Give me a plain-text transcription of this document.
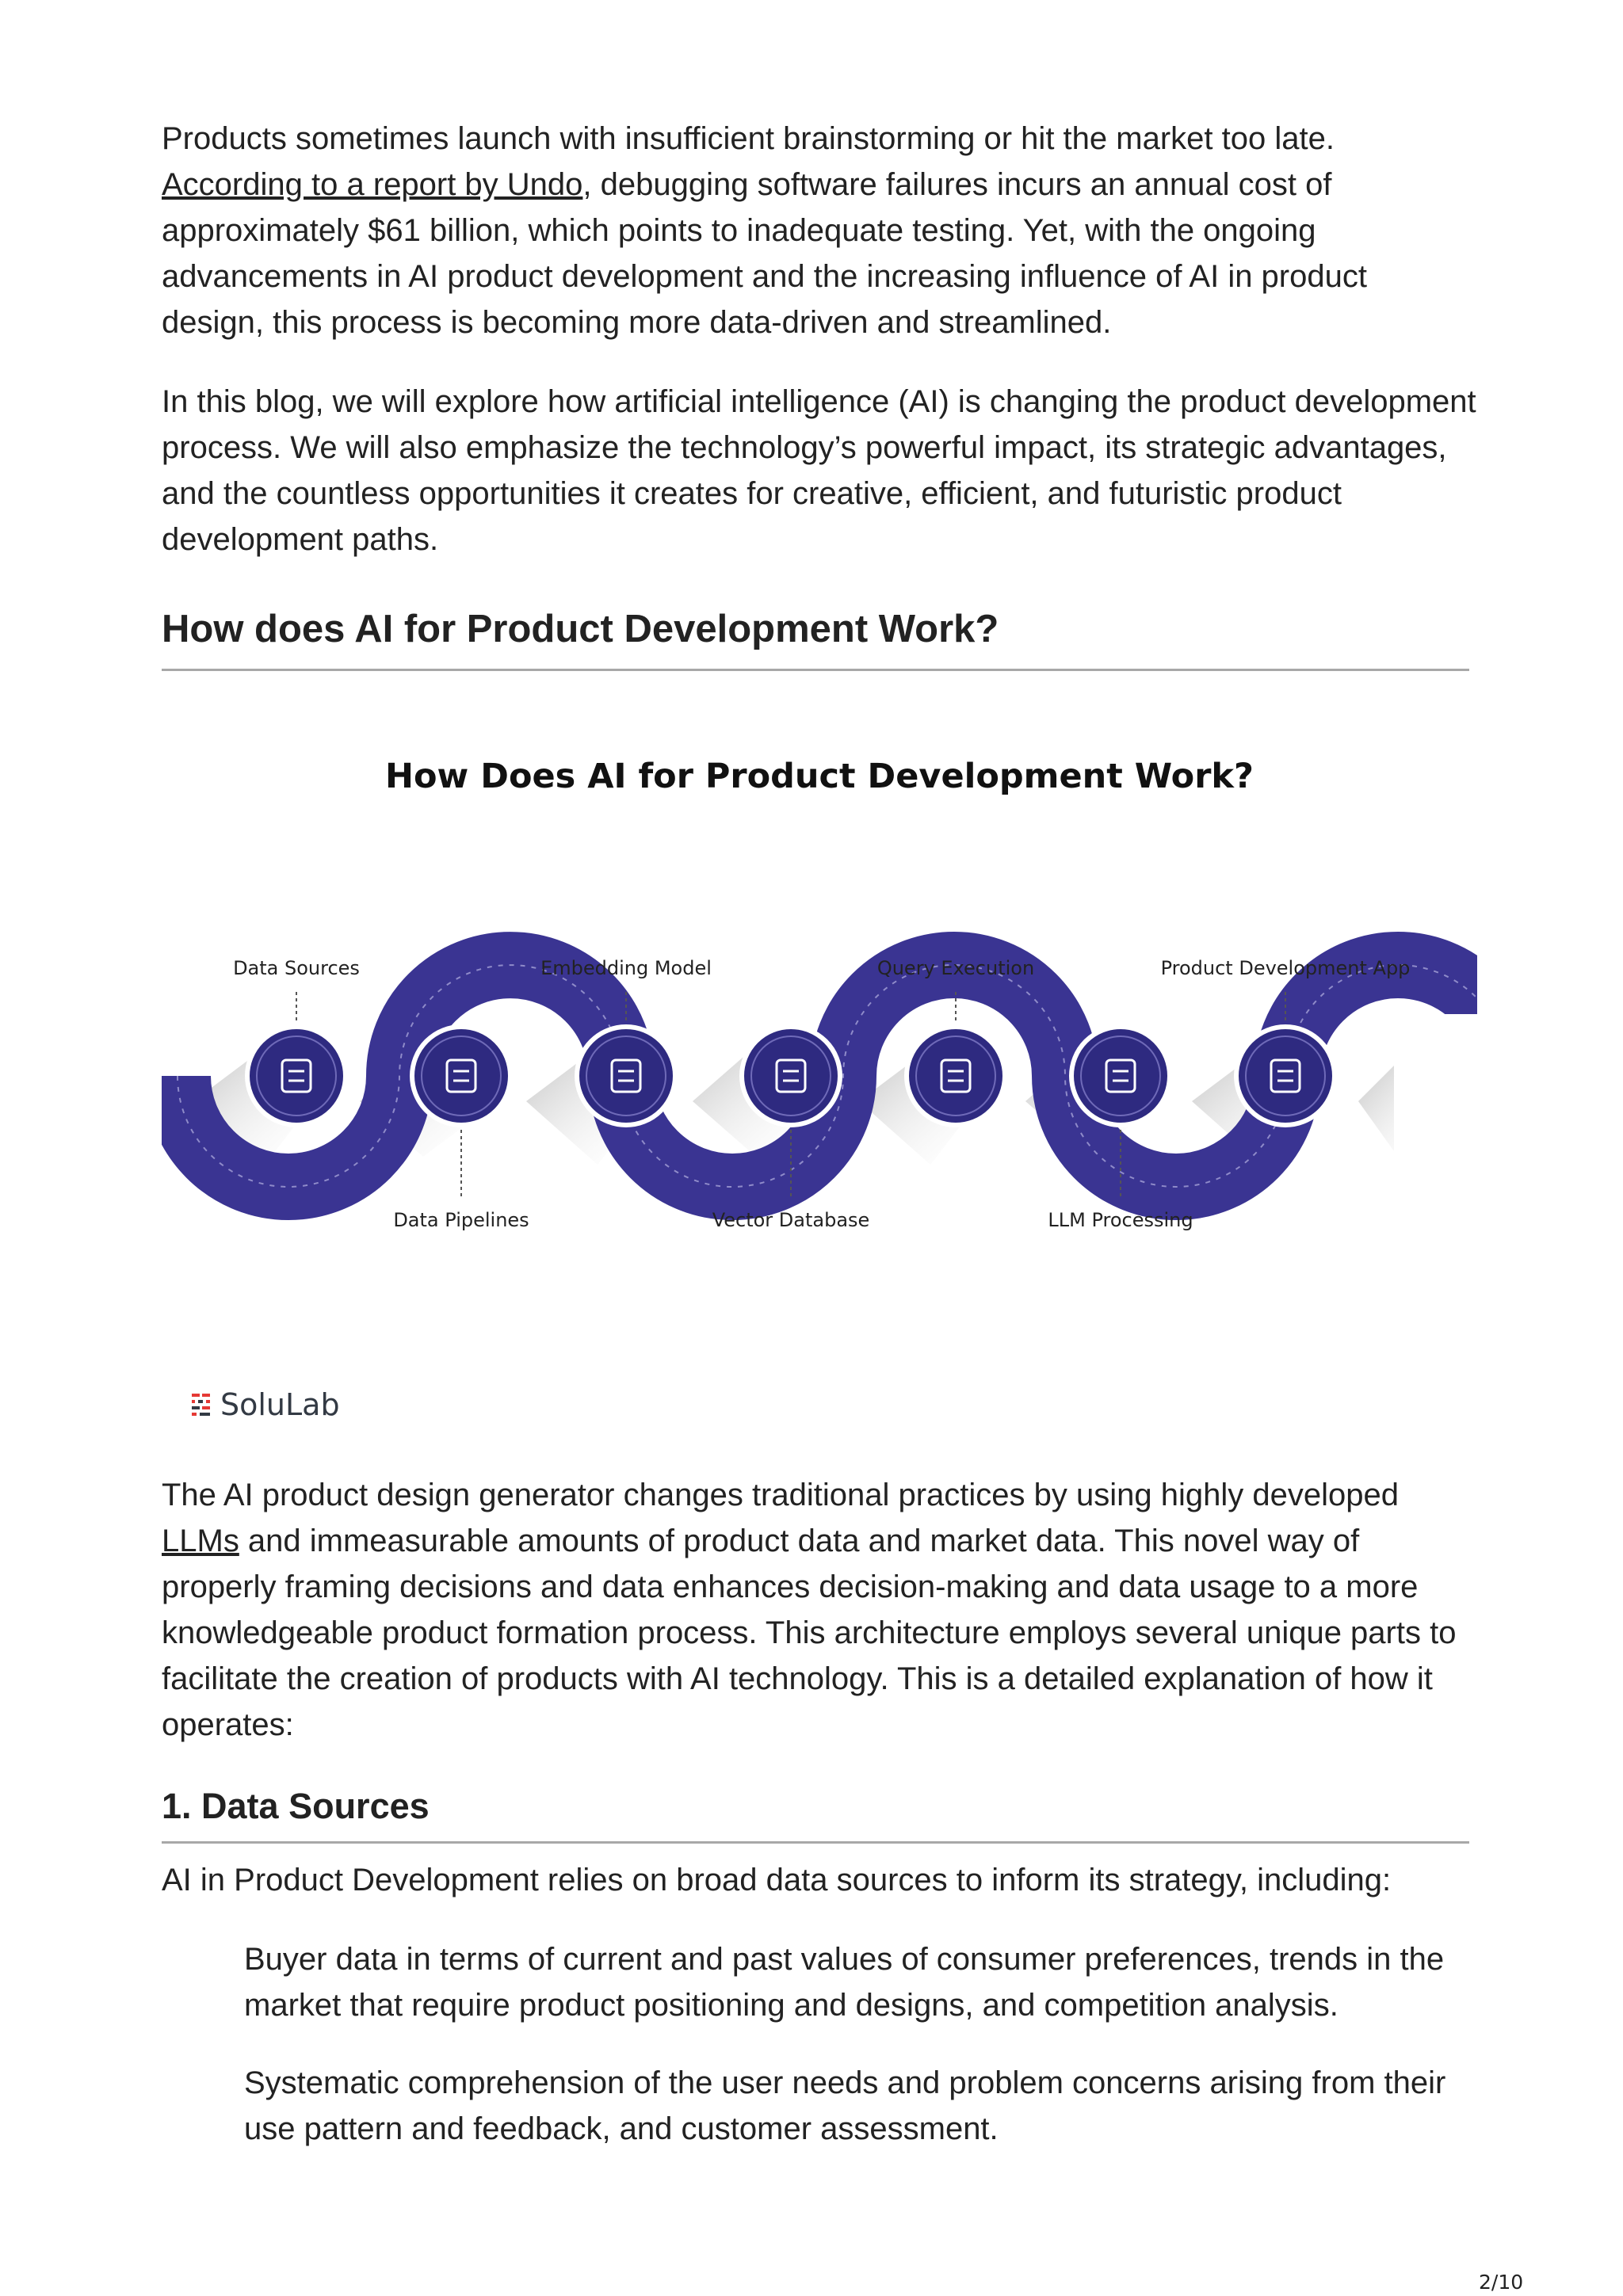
Products sometimes launch with insufficient brainstorming or hit the market too late.
According to a report by Undo, debugging software failures incurs an annual cost of approximately $61 billion, which points to inadequate testing. Yet, with the ongoing advancements in AI product development and the increasing influence of AI in product design, this process is becoming more data-driven and streamlined.

In this blog, we will explore how artificial intelligence (AI) is changing the product development process. We will also emphasize the technology’s powerful impact, its strategic advantages, and the countless opportunities it creates for creative, efficient, and futuristic product development paths.

How does AI for Product Development Work?
How Does AI for Product Development Work?
Data Sources
Data Pipelines
Embedding Model
Vector Database
Query Execution
LLM Processing
Product Development App
SoluLab

The AI product design generator changes traditional practices by using highly developed
LLMs and immeasurable amounts of product data and market data. This novel way of properly framing decisions and data enhances decision-making and data usage to a more knowledgeable product formation process. This architecture employs several unique parts to facilitate the creation of products with AI technology. This is a detailed explanation of how it operates:

1. Data Sources

AI in Product Development relies on broad data sources to inform its strategy, including:

Buyer data in terms of current and past values of consumer preferences, trends in the market that require product positioning and designs, and competition analysis.

Systematic comprehension of the user needs and problem concerns arising from their use pattern and feedback, and customer assessment.

2/10
